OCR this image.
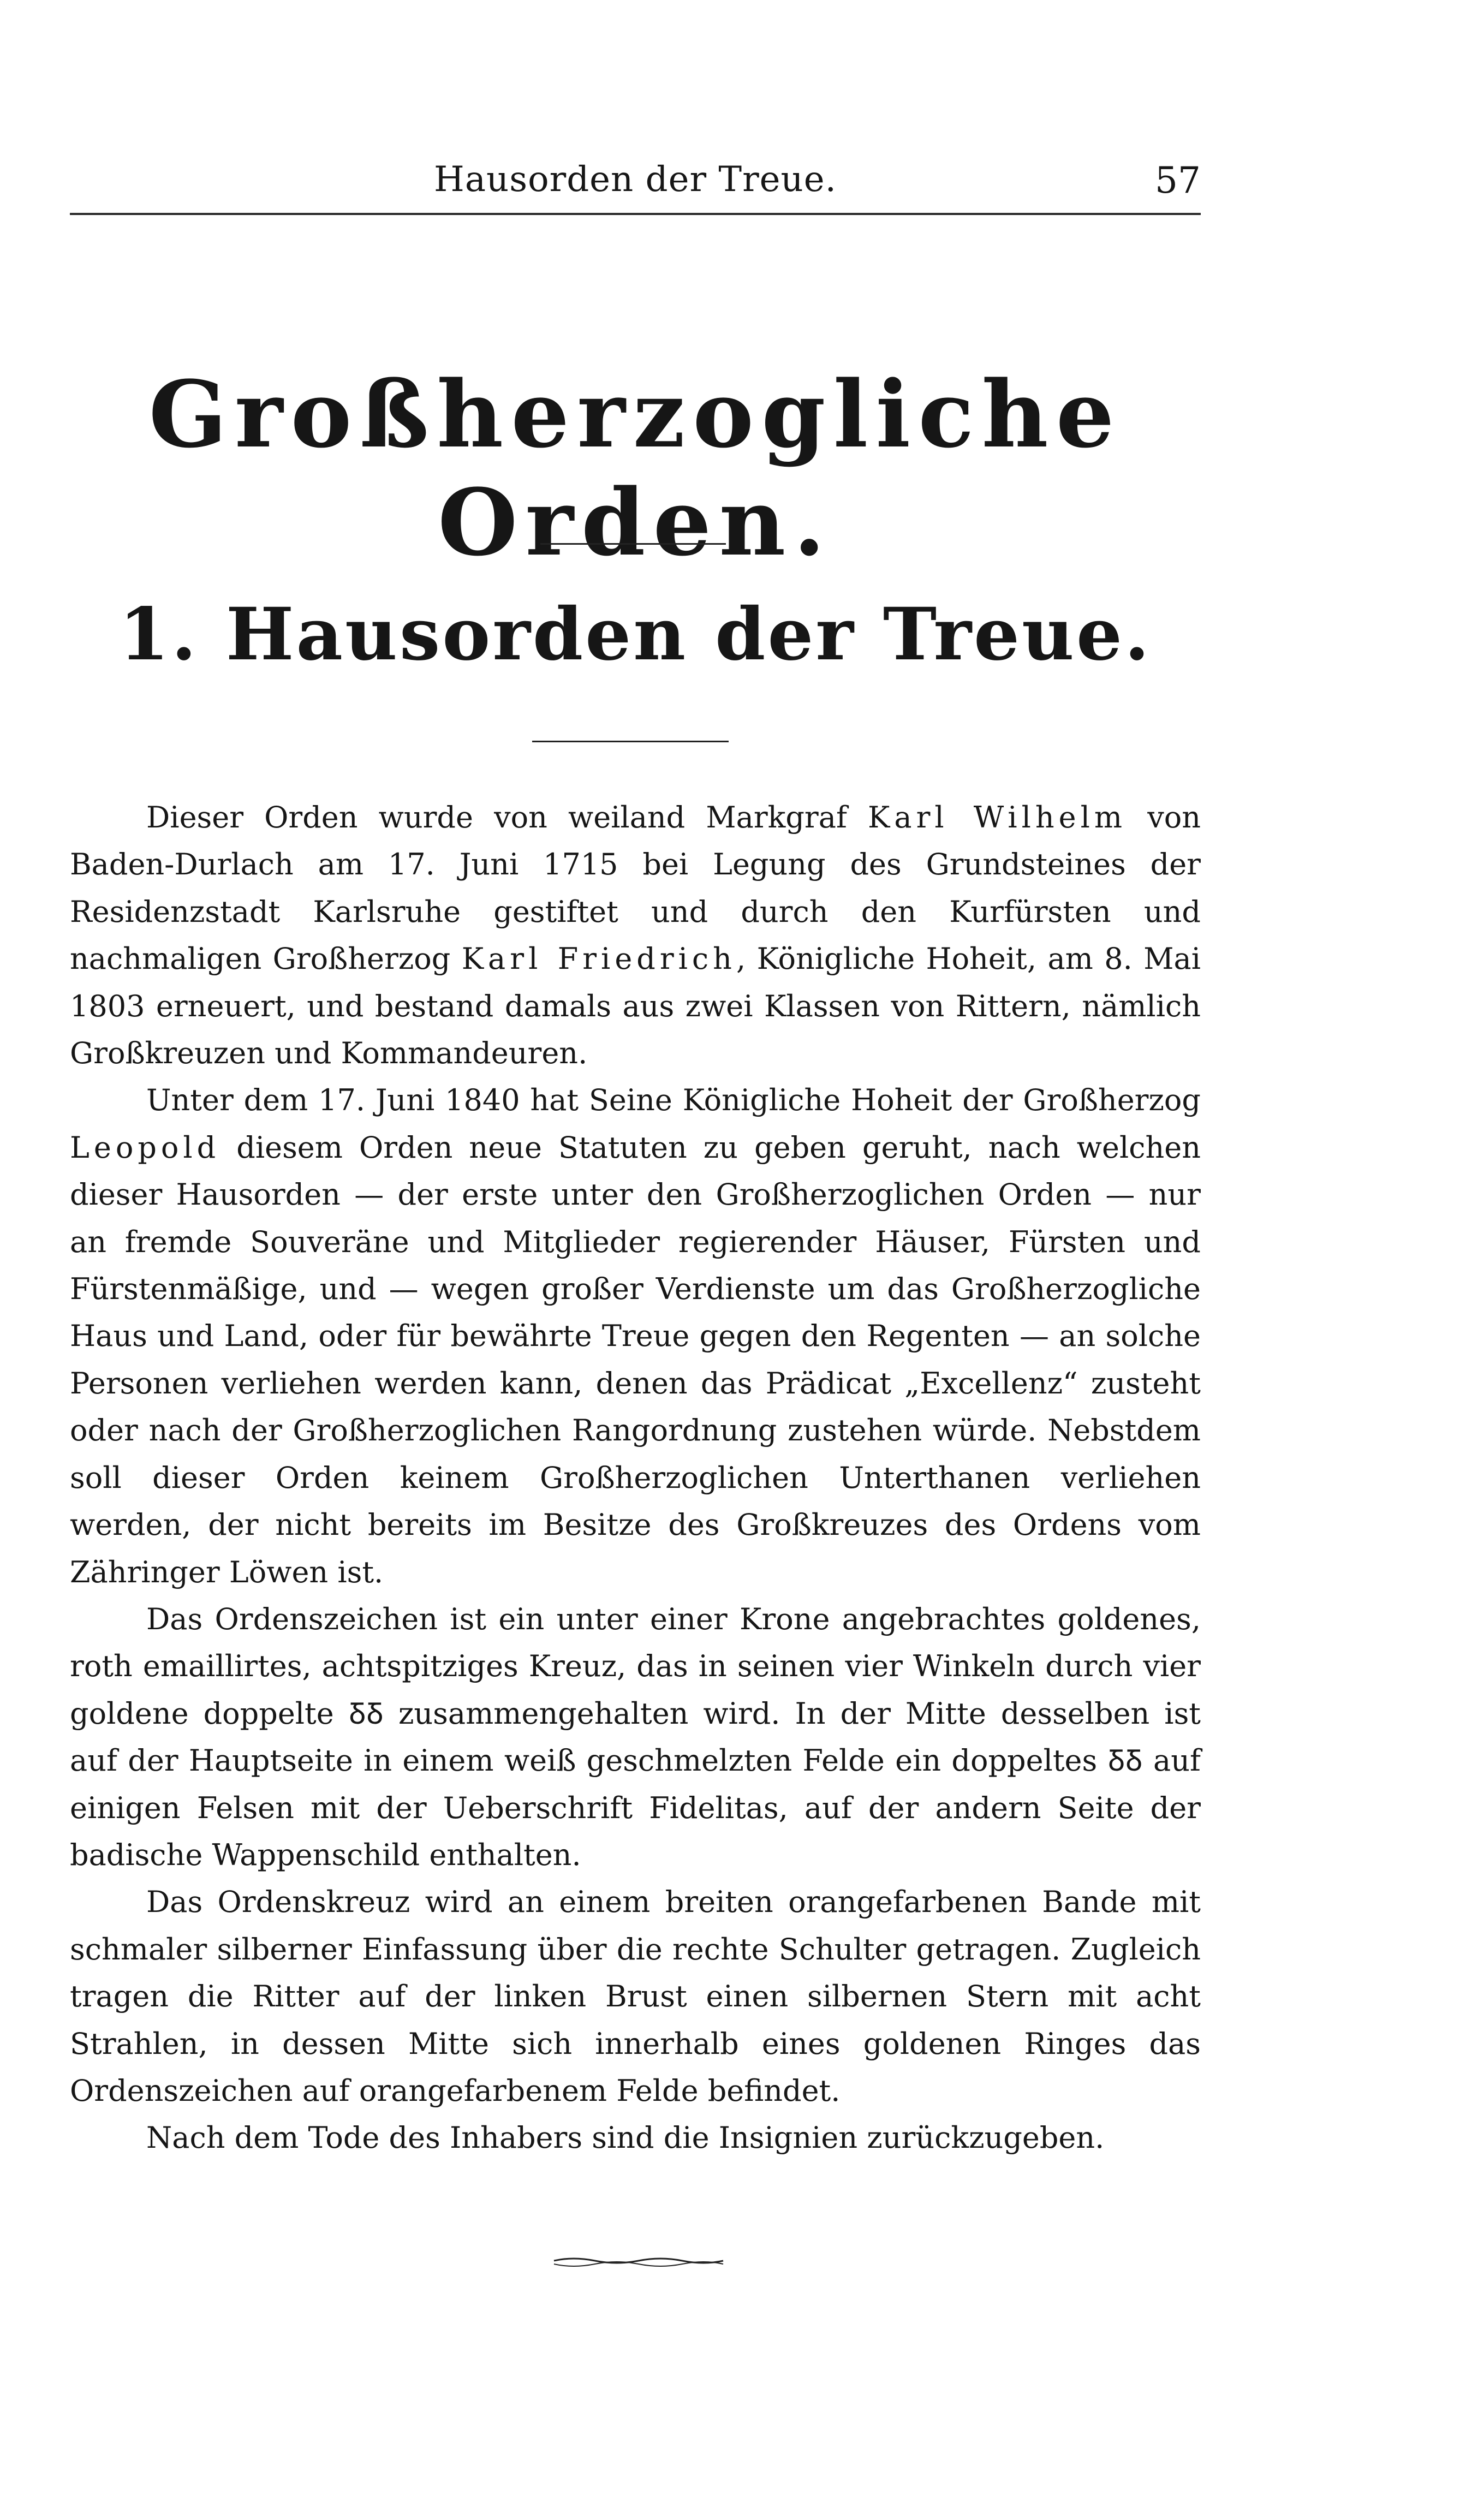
Hausorden der Treue.	57
Großherzogliche Orden.
1. Hausorden der Treue.

Dieser Orden wurde von weiland Markgraf Karl Wilhelm von Baden-Durlach am 17. Juni 1715 bei Legung des Grundsteines der Residenzstadt Karlsruhe gestiftet und durch den Kurfürsten und nachmaligen Großherzog Karl Friedrich, Königliche Hoheit, am 8. Mai 1803 erneuert, und bestand damals aus zwei Klassen von Rittern, nämlich Großkreuzen und Kommandeuren.

Unter dem 17. Juni 1840 hat Seine Königliche Hoheit der Großherzog Leopold diesem Orden neue Statuten zu geben geruht, nach welchen dieser Hausorden — der erste unter den Großherzoglichen Orden — nur an fremde Souveräne und Mitglieder regierender Häuser, Fürsten und Fürstenmäßige, und — wegen großer Verdienste um das Großherzogliche Haus und Land, oder für bewährte Treue gegen den Regenten — an solche Personen verliehen werden kann, denen das Prädicat „Excellenz“ zusteht oder nach der Großherzoglichen Rangordnung zustehen würde. Nebstdem soll dieser Orden keinem Großherzoglichen Unterthanen verliehen werden, der nicht bereits im Besitze des Großkreuzes des Ordens vom Zähringer Löwen ist.

Das Ordenszeichen ist ein unter einer Krone angebrachtes goldenes, roth emaillirtes, achtspitziges Kreuz, das in seinen vier Winkeln durch vier goldene doppelte ꝽꝽ zusammengehalten wird. In der Mitte desselben ist auf der Hauptseite in einem weiß geschmelzten Felde ein doppeltes ꝽꝽ auf einigen Felsen mit der Ueberschrift Fidelitas, auf der andern Seite der badische Wappenschild enthalten.

Das Ordenskreuz wird an einem breiten orangefarbenen Bande mit schmaler silberner Einfassung über die rechte Schulter getragen. Zugleich tragen die Ritter auf der linken Brust einen silbernen Stern mit acht Strahlen, in dessen Mitte sich innerhalb eines goldenen Ringes das Ordenszeichen auf orangefarbenem Felde befindet.

Nach dem Tode des Inhabers sind die Insignien zurückzugeben.
